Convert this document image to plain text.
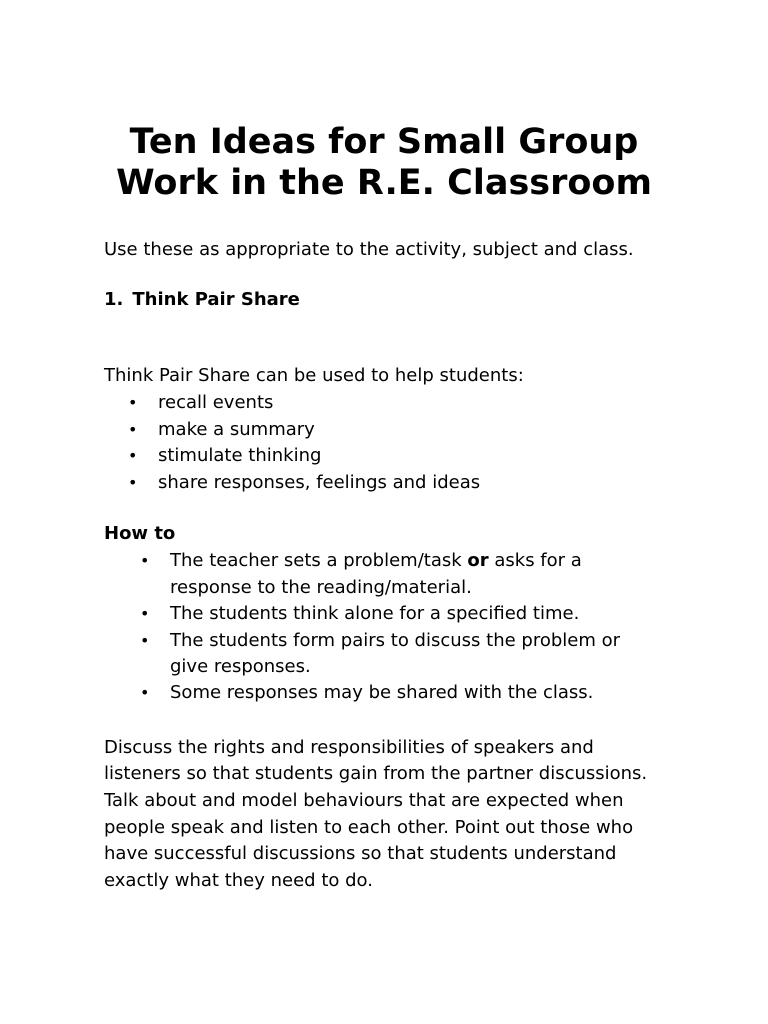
Ten Ideas for Small Group
Work in the R.E. Classroom

Use these as appropriate to the activity, subject and class.

1. Think Pair Share

Think Pair Share can be used to help students:

• recall events
• make a summary
• stimulate thinking
• share responses, feelings and ideas
How to
• The teacher sets a problem/task or asks for a response to the reading/material.
• The students think alone for a specified time.
• The students form pairs to discuss the problem or give responses.
• Some responses may be shared with the class.

Discuss the rights and responsibilities of speakers and listeners so that students gain from the partner discussions. Talk about and model behaviours that are expected when people speak and listen to each other. Point out those who have successful discussions so that students understand exactly what they need to do.
